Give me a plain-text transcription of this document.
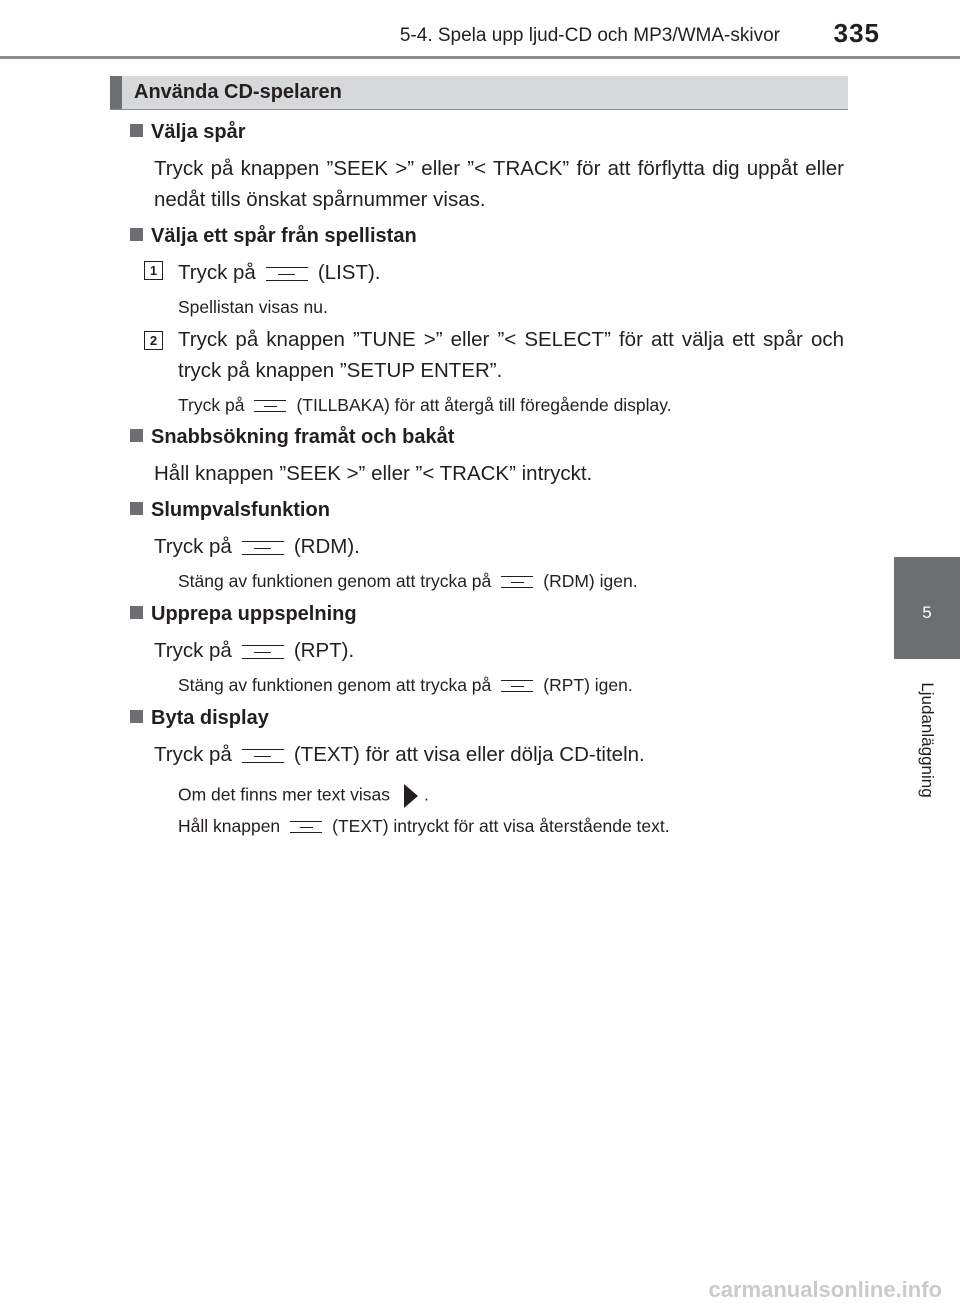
5-4. Spela upp ljud-CD och MP3/WMA-skivor 335
5
Ljudanläggning
Använda CD-spelaren
Välja spår
Tryck på knappen ”SEEK >” eller ”< TRACK” för att förflytta dig uppåt eller nedåt tills önskat spårnummer visas.
Välja ett spår från spellistan
1 Tryck på	(LIST).
Spellistan visas nu.
2 Tryck på knappen ”TUNE >” eller ”< SELECT” för att välja ett spår och tryck på knappen ”SETUP ENTER”.
Tryck på	(TILLBAKA) för att återgå till föregående display.
Snabbsökning framåt och bakåt
Håll knappen ”SEEK >” eller ”< TRACK” intryckt.
Slumpvalsfunktion
Tryck på	(RDM).
Stäng av funktionen genom att trycka på	(RDM) igen.
Upprepa uppspelning
Tryck på	(RPT).
Stäng av funktionen genom att trycka på	(RPT) igen.
Byta display
Tryck på	(TEXT) för att visa eller dölja CD-titeln.
Om det finns mer text visas .
Håll knappen	(TEXT) intryckt för att visa återstående text.
carmanualsonline.info
